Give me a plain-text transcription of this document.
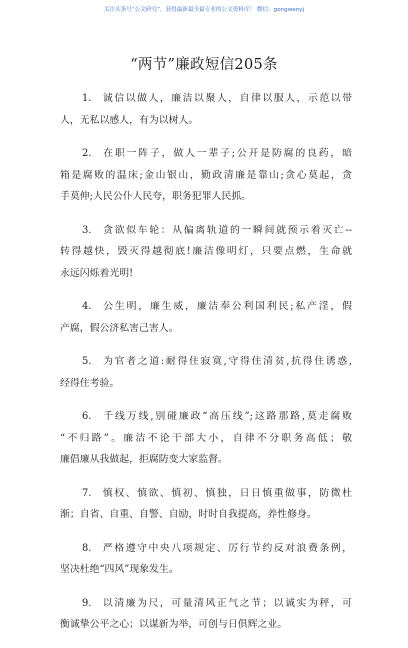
关注头条号“公文研究”，获得最新最全最专业的公文资料库！ 微信：gongwenyj
“两节”廉政短信205条
1. 诚信以做人，廉洁以聚人，自律以服人，示范以带
人，无私以感人，有为以树人。
2. 在职一阵子，做人一辈子;公开是防腐的良药，暗
箱是腐败的温床;金山银山，勤政清廉是靠山;贪心莫起，贪
手莫伸;人民公仆人民夸，职务犯罪人民抓。
3. 贪欲似车轮：从偏离轨道的一瞬间就预示着灭亡--
转得越快，毁灭得越彻底!廉洁像明灯，只要点燃，生命就
永远闪烁着光明!
4. 公生明，廉生威，廉洁奉公利国利民;私产淫，假
产腐，假公济私害己害人。
5. 为官者之道:耐得住寂寞,守得住清贫,抗得住诱惑,
经得住考验。
6. 千线万线,别碰廉政“高压线”;这路那路,莫走腐败
“不归路”。廉洁不论干部大小，自律不分职务高低；敬
廉倡廉从我做起，拒腐防变大家监督。
7. 慎权、慎欲、慎初、慎独，日日慎重做事，防微杜
渐；自省、自重、自警、自励，时时自我提高，养性修身。
8. 严格遵守中央八项规定、厉行节约反对浪费条例，
坚决杜绝“四风”现象发生。
9. 以清廉为尺，可量清风正气之节；以诚实为秤，可
衡诚挚公平之心；以谋新为举，可创与日俱辉之业。
